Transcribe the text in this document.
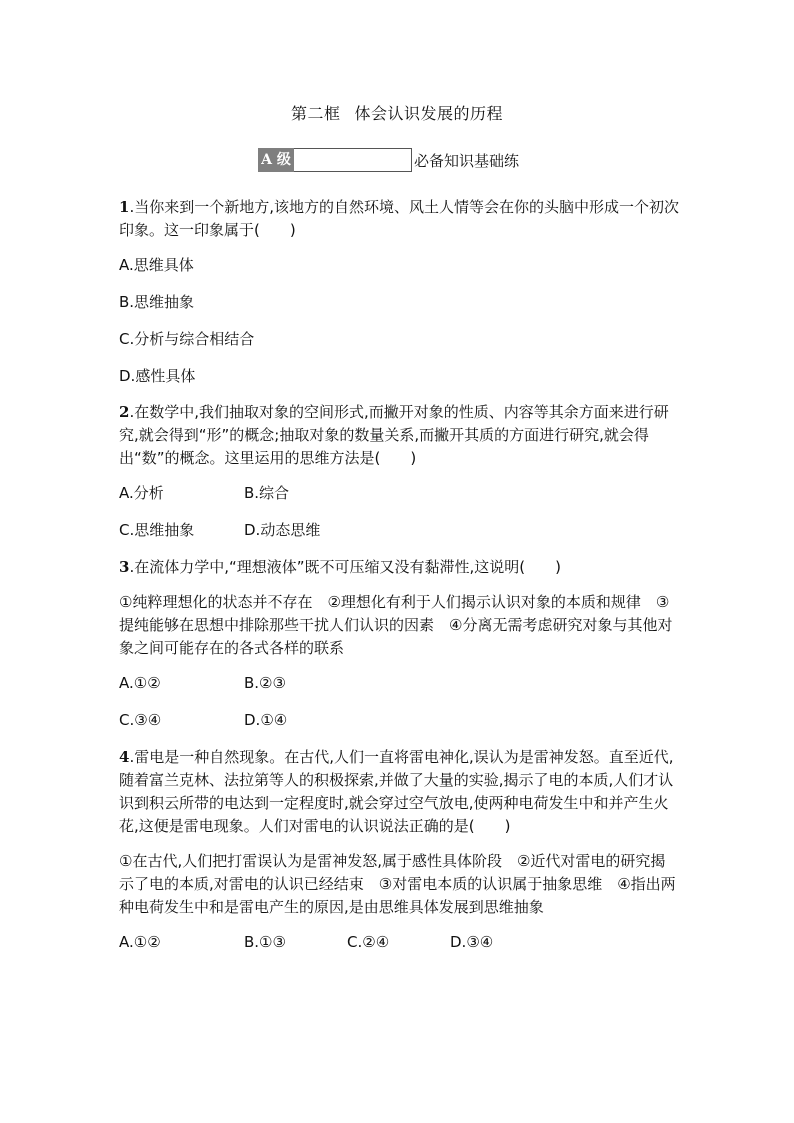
第二框 体会认识发展的历程
A 级	必备知识基础练

1.当你来到一个新地方,该地方的自然环境、风土人情等会在你的头脑中形成一个初次印象。这一印象属于(　　)

A.思维具体

B.思维抽象

C.分析与综合相结合

D.感性具体

2.在数学中,我们抽取对象的空间形式,而撇开对象的性质、内容等其余方面来进行研究,就会得到“形”的概念;抽取对象的数量关系,而撇开其质的方面进行研究,就会得出“数”的概念。这里运用的思维方法是(　　)

A.分析	B.综合
C.思维抽象	D.动态思维

3.在流体力学中,“理想液体”既不可压缩又没有黏滞性,这说明(　　)

①纯粹理想化的状态并不存在　②理想化有利于人们揭示认识对象的本质和规律　③提纯能够在思想中排除那些干扰人们认识的因素　④分离无需考虑研究对象与其他对象之间可能存在的各式各样的联系

A.①②	B.②③
C.③④	D.①④

4.雷电是一种自然现象。在古代,人们一直将雷电神化,误认为是雷神发怒。直至近代,随着富兰克林、法拉第等人的积极探索,并做了大量的实验,揭示了电的本质,人们才认识到积云所带的电达到一定程度时,就会穿过空气放电,使两种电荷发生中和并产生火花,这便是雷电现象。人们对雷电的认识说法正确的是(　　)

①在古代,人们把打雷误认为是雷神发怒,属于感性具体阶段　②近代对雷电的研究揭示了电的本质,对雷电的认识已经结束　③对雷电本质的认识属于抽象思维　④指出两种电荷发生中和是雷电产生的原因,是由思维具体发展到思维抽象

A.①②	B.①③	C.②④	D.③④
